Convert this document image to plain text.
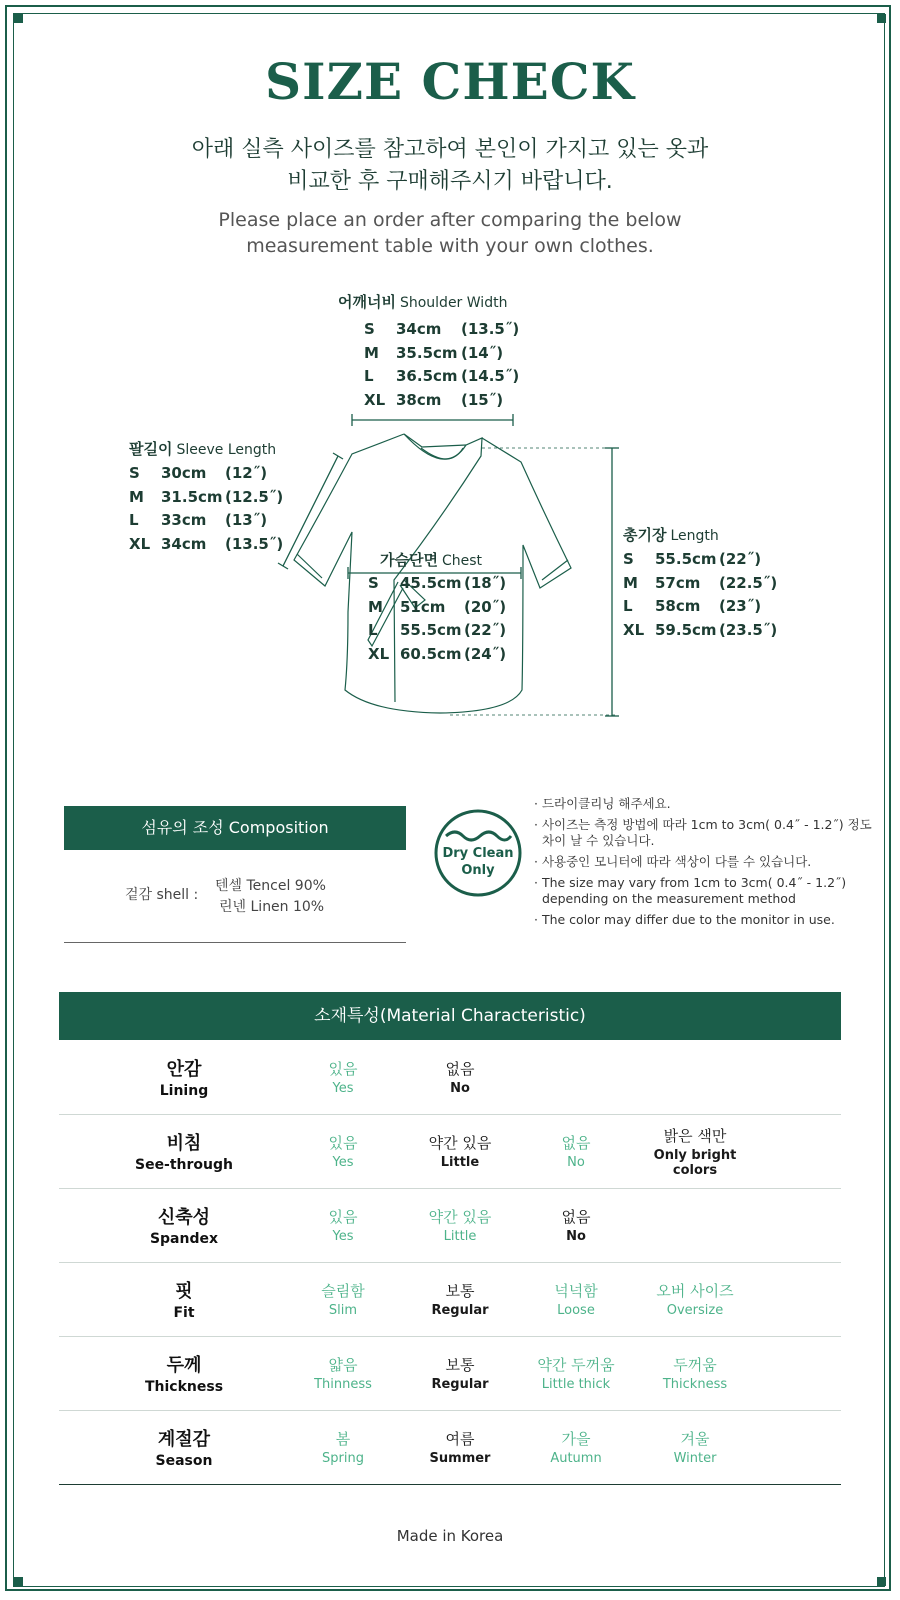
SIZE CHECK
아래 실측 사이즈를 참고하여 본인이 가지고 있는 옷과
비교한 후 구매해주시기 바랍니다.
Please place an order after comparing the below
measurement table with your own clothes.
어깨너비 Shoulder Width
S 34cm (13.5˝)
M 35.5cm (14˝)
L 36.5cm (14.5˝)
XL 38cm (15˝)
팔길이 Sleeve Length
S 30cm (12˝)
M 31.5cm (12.5˝)
L 33cm (13˝)
XL 34cm (13.5˝)
가슴단면 Chest
S 45.5cm (18˝)
M 51cm (20˝)
L 55.5cm (22˝)
XL 60.5cm (24˝)
총기장 Length
S 55.5cm (22˝)
M 57cm (22.5˝)
L 58cm (23˝)
XL 59.5cm (23.5˝)
섬유의 조성 Composition
겉감 shell :
텐셀 Tencel 90%
린넨 Linen 10%
Dry Clean
Only
· 드라이클리닝 해주세요.
· 사이즈는 측정 방법에 따라 1cm to 3cm( 0.4˝ - 1.2˝) 정도 차이 날 수 있습니다.
· 사용중인 모니터에 따라 색상이 다를 수 있습니다.
· The size may vary from 1cm to 3cm( 0.4˝ - 1.2˝) depending on the measurement method
· The color may differ due to the monitor in use.
소재특성(Material Characteristic)
안감
Lining
있음
Yes
없음
No
비침
See-through
있음
Yes
약간 있음
Little
없음
No
밝은 색만
Only bright colors
신축성
Spandex
있음
Yes
약간 있음
Little
없음
No
핏
Fit
슬림함
Slim
보통
Regular
넉넉함
Loose
오버 사이즈
Oversize
두께
Thickness
얇음
Thinness
보통
Regular
약간 두꺼움
Little thick
두꺼움
Thickness
계절감
Season
봄
Spring
여름
Summer
가을
Autumn
겨울
Winter
Made in Korea
